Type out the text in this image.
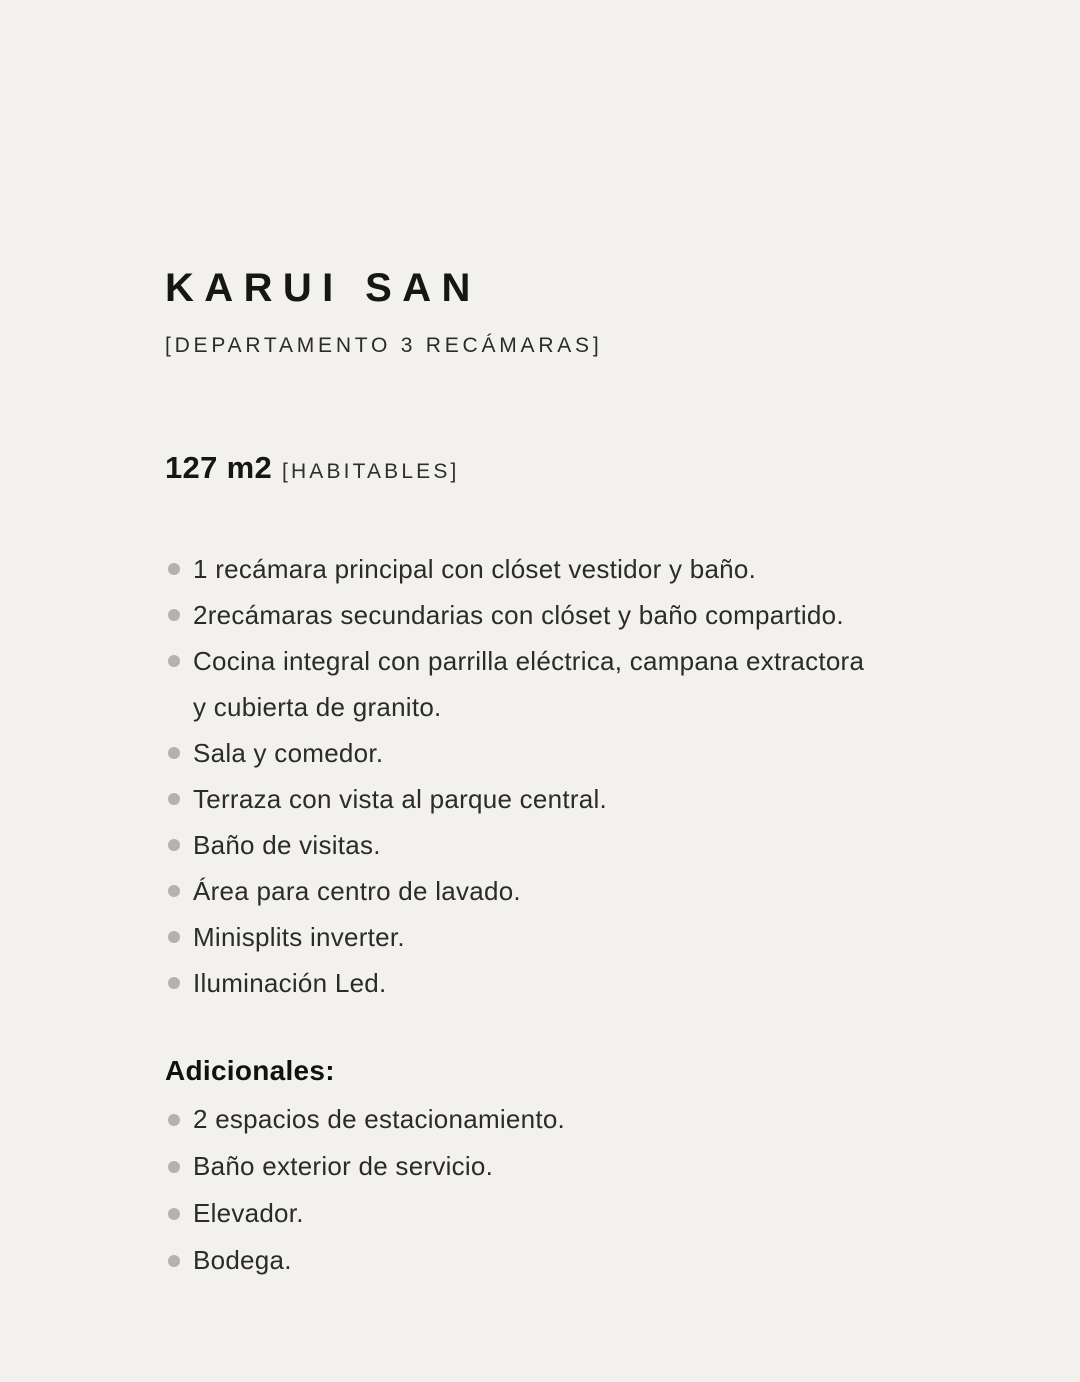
KARUI SAN
[DEPARTAMENTO 3 RECÁMARAS]
127 m2 [HABITABLES]
1 recámara principal con clóset vestidor y baño.
2recámaras secundarias con clóset y baño compartido.
Cocina integral con parrilla eléctrica, campana extractora y cubierta de granito.
Sala y comedor.
Terraza con vista al parque central.
Baño de visitas.
Área para centro de lavado.
Minisplits inverter.
Iluminación Led.
Adicionales:
2 espacios de estacionamiento.
Baño exterior de servicio.
Elevador.
Bodega.
